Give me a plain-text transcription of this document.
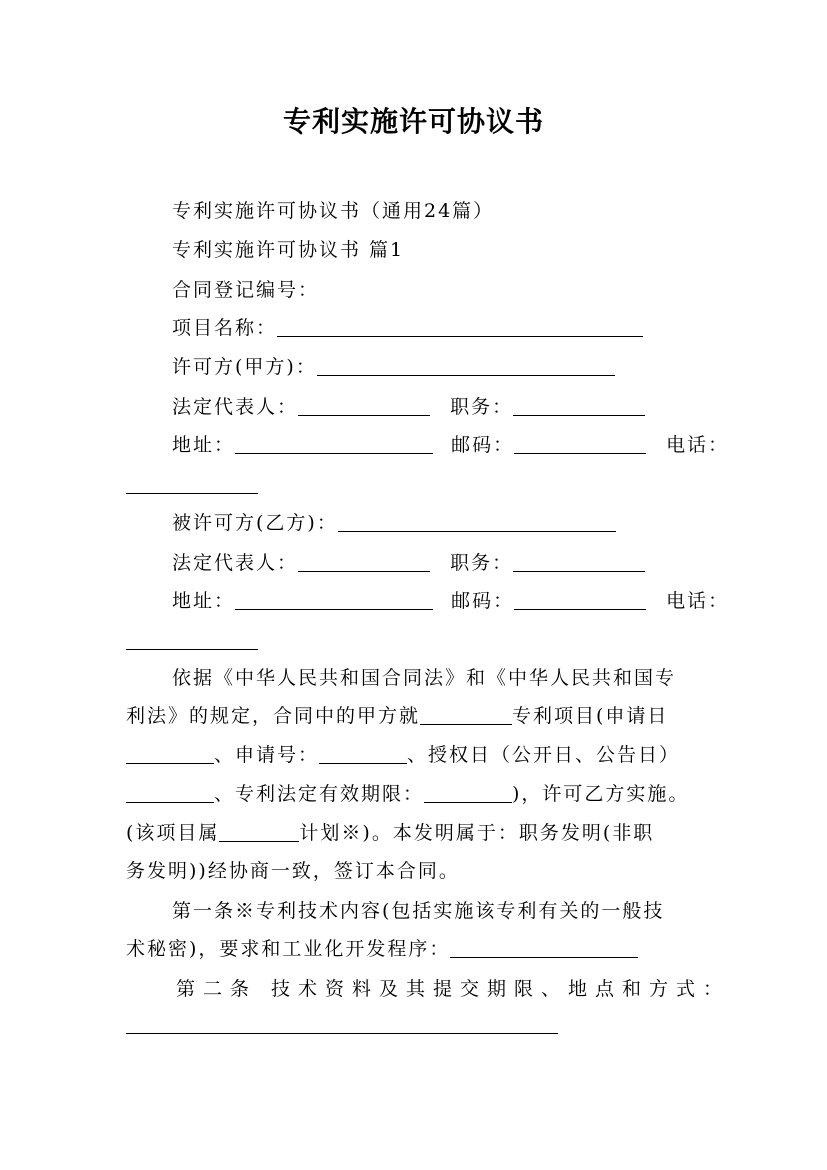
专利实施许可协议书
专利实施许可协议书（通用24篇）
专利实施许可协议书 篇1
合同登记编号：
项目名称：
许可方(甲方)：
法定代表人：	职务：
地址：	邮码：	电话：
被许可方(乙方)：
法定代表人：	职务：
地址：	邮码：	电话：
依据《中华人民共和国合同法》和《中华人民共和国专
利法》的规定，合同中的甲方就	专利项目(申请日
、申请号：	、授权日（公开日、公告日）
、专利法定有效期限：	)，许可乙方实施。
(该项目属	计划※)。本发明属于：职务发明(非职
务发明))经协商一致，签订本合同。
第一条※专利技术内容(包括实施该专利有关的一般技
术秘密)，要求和工业化开发程序：
第二条 技术资料及其提交期限、地点和方式：
